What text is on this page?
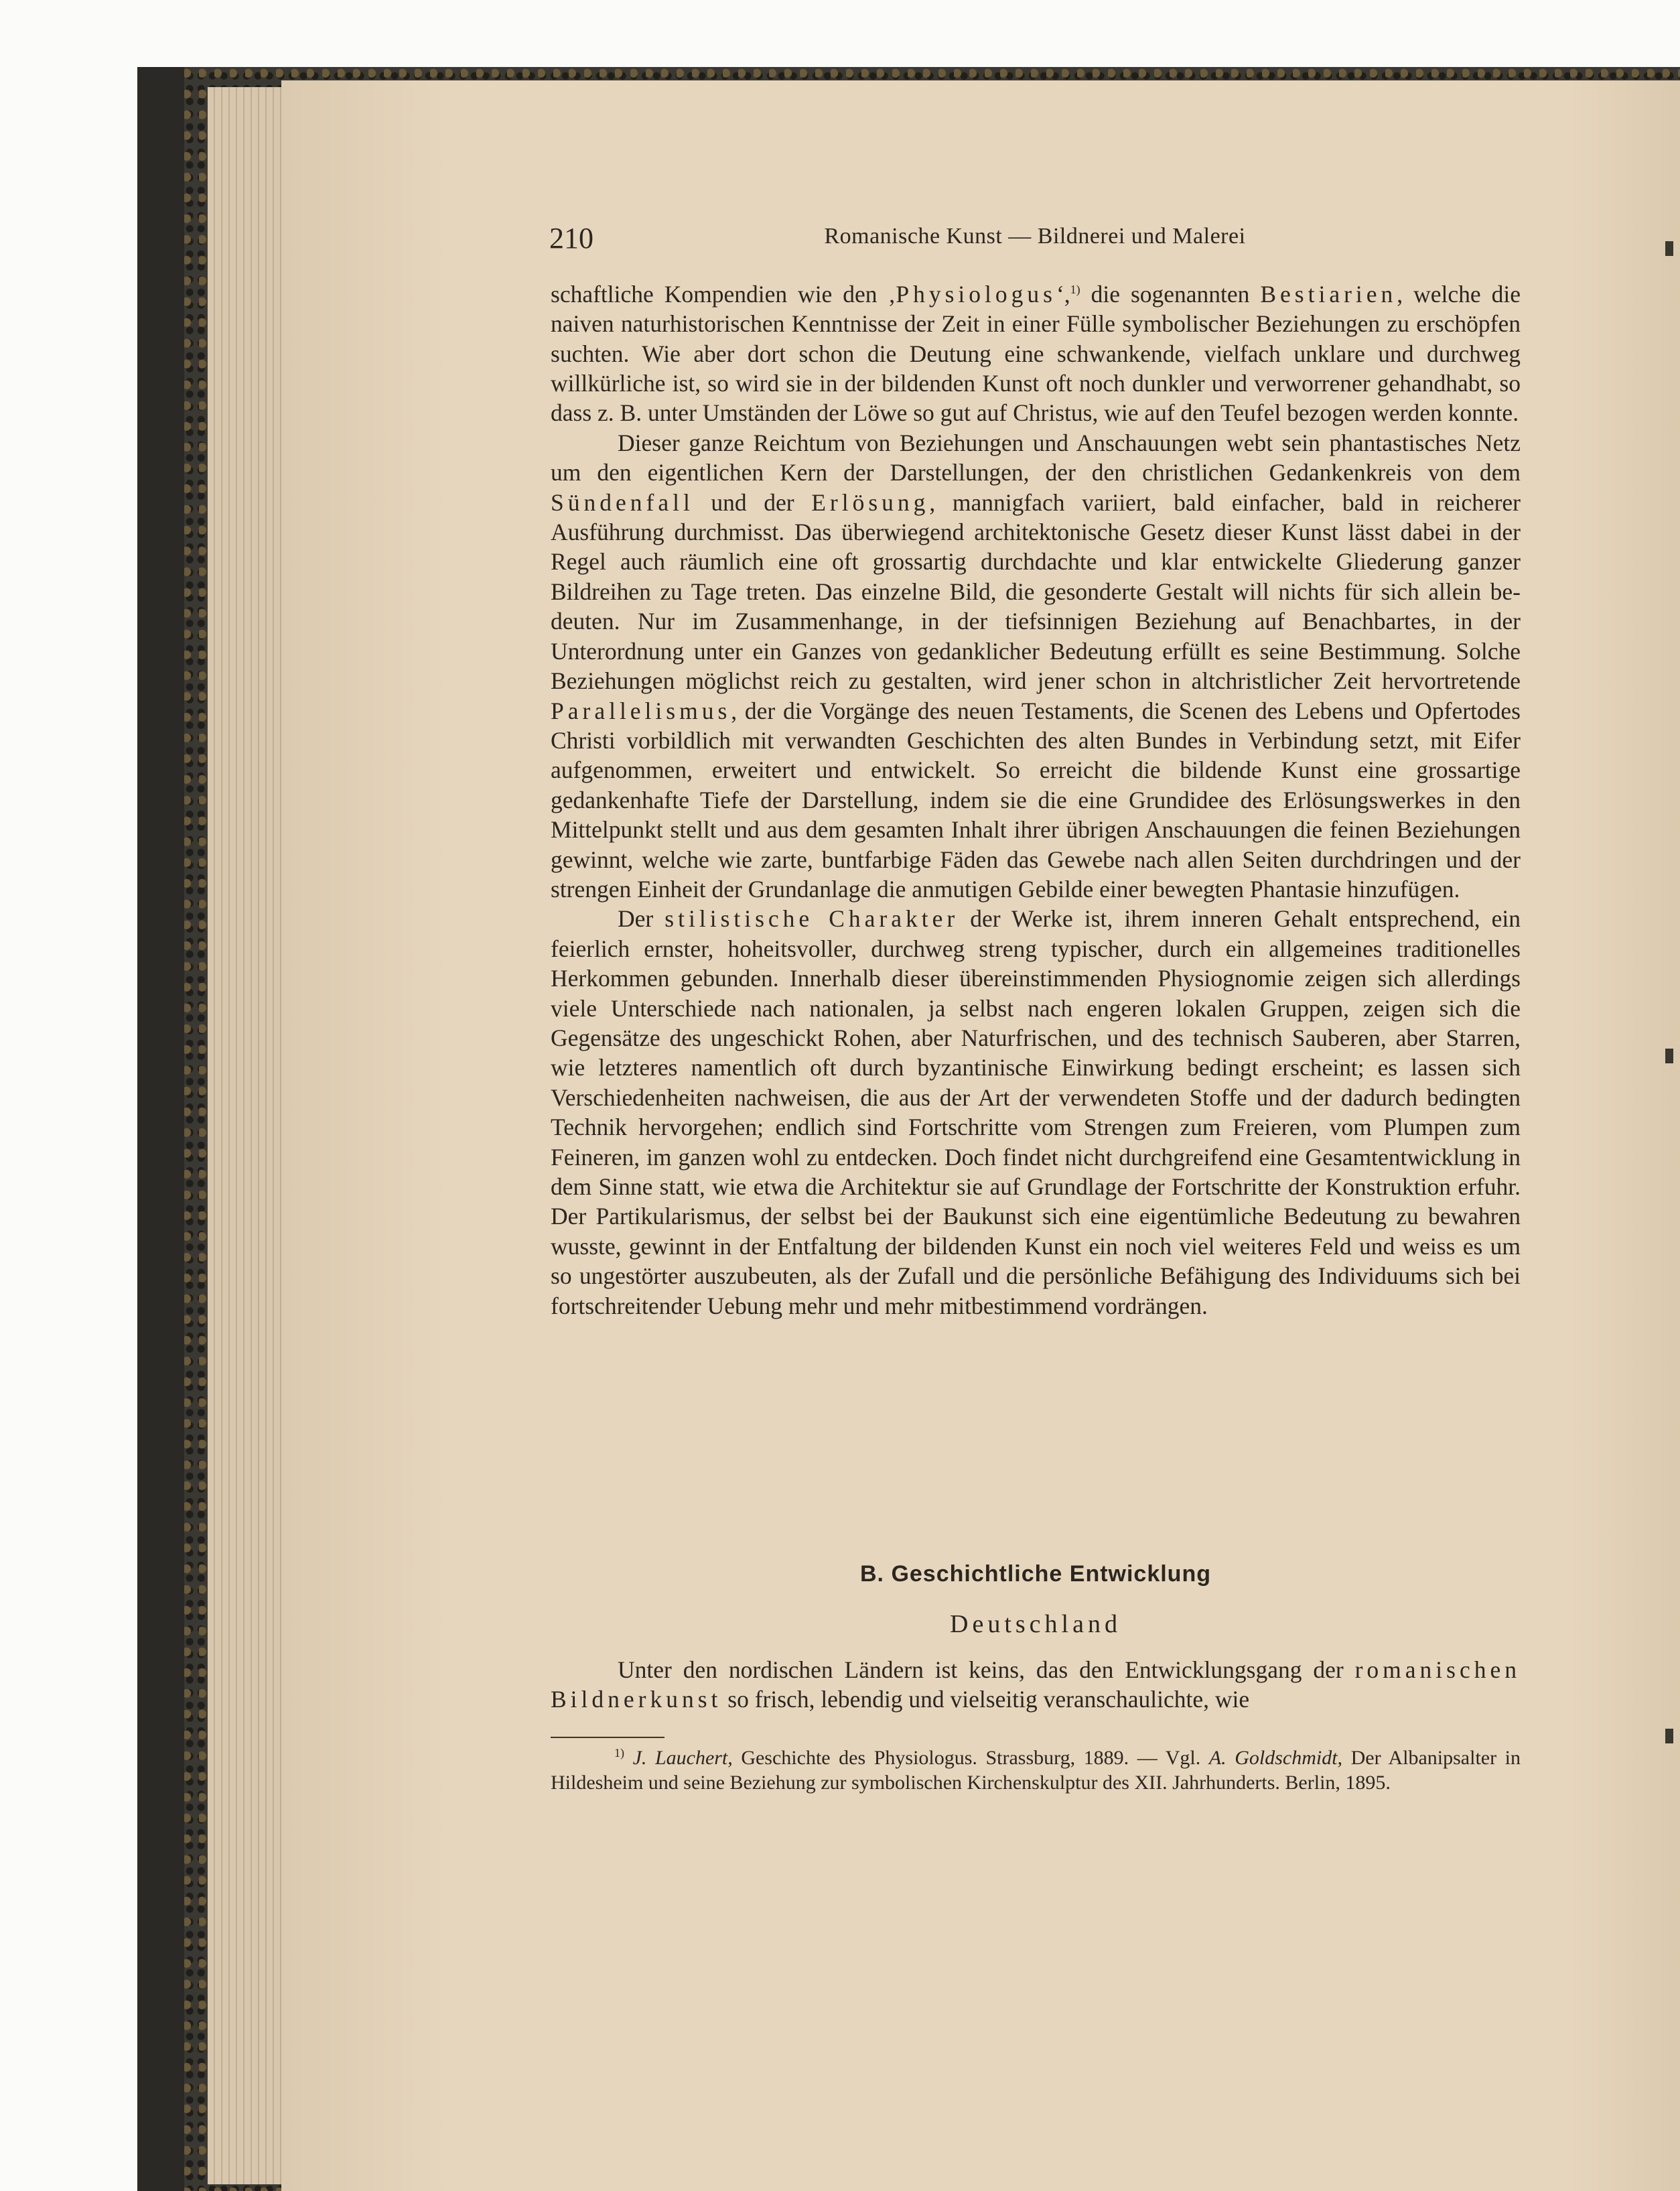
210	Romanische Kunst — Bildnerei und Malerei

schaftliche Kompendien wie den ‚Physiologus‘,$^{1)}$ die sogenannten Bestiarien, welche die naiven naturhistorischen Kenntnisse der Zeit in einer Fülle symbolischer Beziehungen zu erschöpfen suchten. Wie aber dort schon die Deutung eine schwankende, vielfach unklare und durchweg willkürliche ist, so wird sie in der bildenden Kunst oft noch dunkler und verworrener gehandhabt, so dass z. B. unter Umständen der Löwe so gut auf Christus, wie auf den Teufel bezogen werden konnte.

Dieser ganze Reichtum von Beziehungen und Anschauungen webt sein phantastisches Netz um den eigentlichen Kern der Darstellungen, der den christlichen Gedankenkreis von dem Sündenfall und der Erlösung, mannigfach variiert, bald einfacher, bald in reicherer Ausführung durchmisst. Das überwiegend architektonische Gesetz dieser Kunst lässt dabei in der Regel auch räumlich eine oft grossartig durchdachte und klar entwickelte Gliederung ganzer Bildreihen zu Tage treten. Das einzelne Bild, die gesonderte Gestalt will nichts für sich allein bedeuten. Nur im Zusammenhange, in der tiefsinnigen Beziehung auf Benachbartes, in der Unterordnung unter ein Ganzes von gedanklicher Bedeutung erfüllt es seine Bestimmung. Solche Beziehungen möglichst reich zu gestalten, wird jener schon in altchristlicher Zeit hervortretende Parallelismus, der die Vorgänge des neuen Testaments, die Scenen des Lebens und Opfertodes Christi vorbildlich mit verwandten Geschichten des alten Bundes in Verbindung setzt, mit Eifer aufgenommen, erweitert und entwickelt. So erreicht die bildende Kunst eine grossartige gedankenhafte Tiefe der Darstellung, indem sie die eine Grundidee des Erlösungswerkes in den Mittelpunkt stellt und aus dem gesamten Inhalt ihrer übrigen Anschauungen die feinen Beziehungen gewinnt, welche wie zarte, buntfarbige Fäden das Gewebe nach allen Seiten durchdringen und der strengen Einheit der Grundanlage die anmutigen Gebilde einer bewegten Phantasie hinzufügen.

Der stilistische Charakter der Werke ist, ihrem inneren Gehalt entsprechend, ein feierlich ernster, hoheitsvoller, durchweg streng typischer, durch ein allgemeines traditionelles Herkommen gebunden. Innerhalb dieser übereinstimmenden Physiognomie zeigen sich allerdings viele Unterschiede nach nationalen, ja selbst nach engeren lokalen Gruppen, zeigen sich die Gegensätze des ungeschickt Rohen, aber Naturfrischen, und des technisch Sauberen, aber Starren, wie letzteres namentlich oft durch byzantinische Einwirkung bedingt erscheint; es lassen sich Verschiedenheiten nachweisen, die aus der Art der verwendeten Stoffe und der dadurch bedingten Technik hervorgehen; endlich sind Fortschritte vom Strengen zum Freieren, vom Plumpen zum Feineren, im ganzen wohl zu entdecken. Doch findet nicht durchgreifend eine Gesamtentwicklung in dem Sinne statt, wie etwa die Architektur sie auf Grundlage der Fortschritte der Konstruktion erfuhr. Der Partikularismus, der selbst bei der Baukunst sich eine eigentümliche Bedeutung zu bewahren wusste, gewinnt in der Entfaltung der bildenden Kunst ein noch viel weiteres Feld und weiss es um so ungestörter auszubeuten, als der Zufall und die persönliche Befähigung des Individuums sich bei fortschreitender Uebung mehr und mehr mitbestimmend vordrängen.

B. Geschichtliche Entwicklung
Deutschland

Unter den nordischen Ländern ist keins, das den Entwicklungsgang der romanischen Bildnerkunst so frisch, lebendig und vielseitig veranschaulichte, wie

$^{1)}$ J. Lauchert, Geschichte des Physiologus. Strassburg, 1889. — Vgl. A. Goldschmidt, Der Albanipsalter in Hildesheim und seine Beziehung zur symbolischen Kirchenskulptur des XII. Jahrhunderts. Berlin, 1895.
